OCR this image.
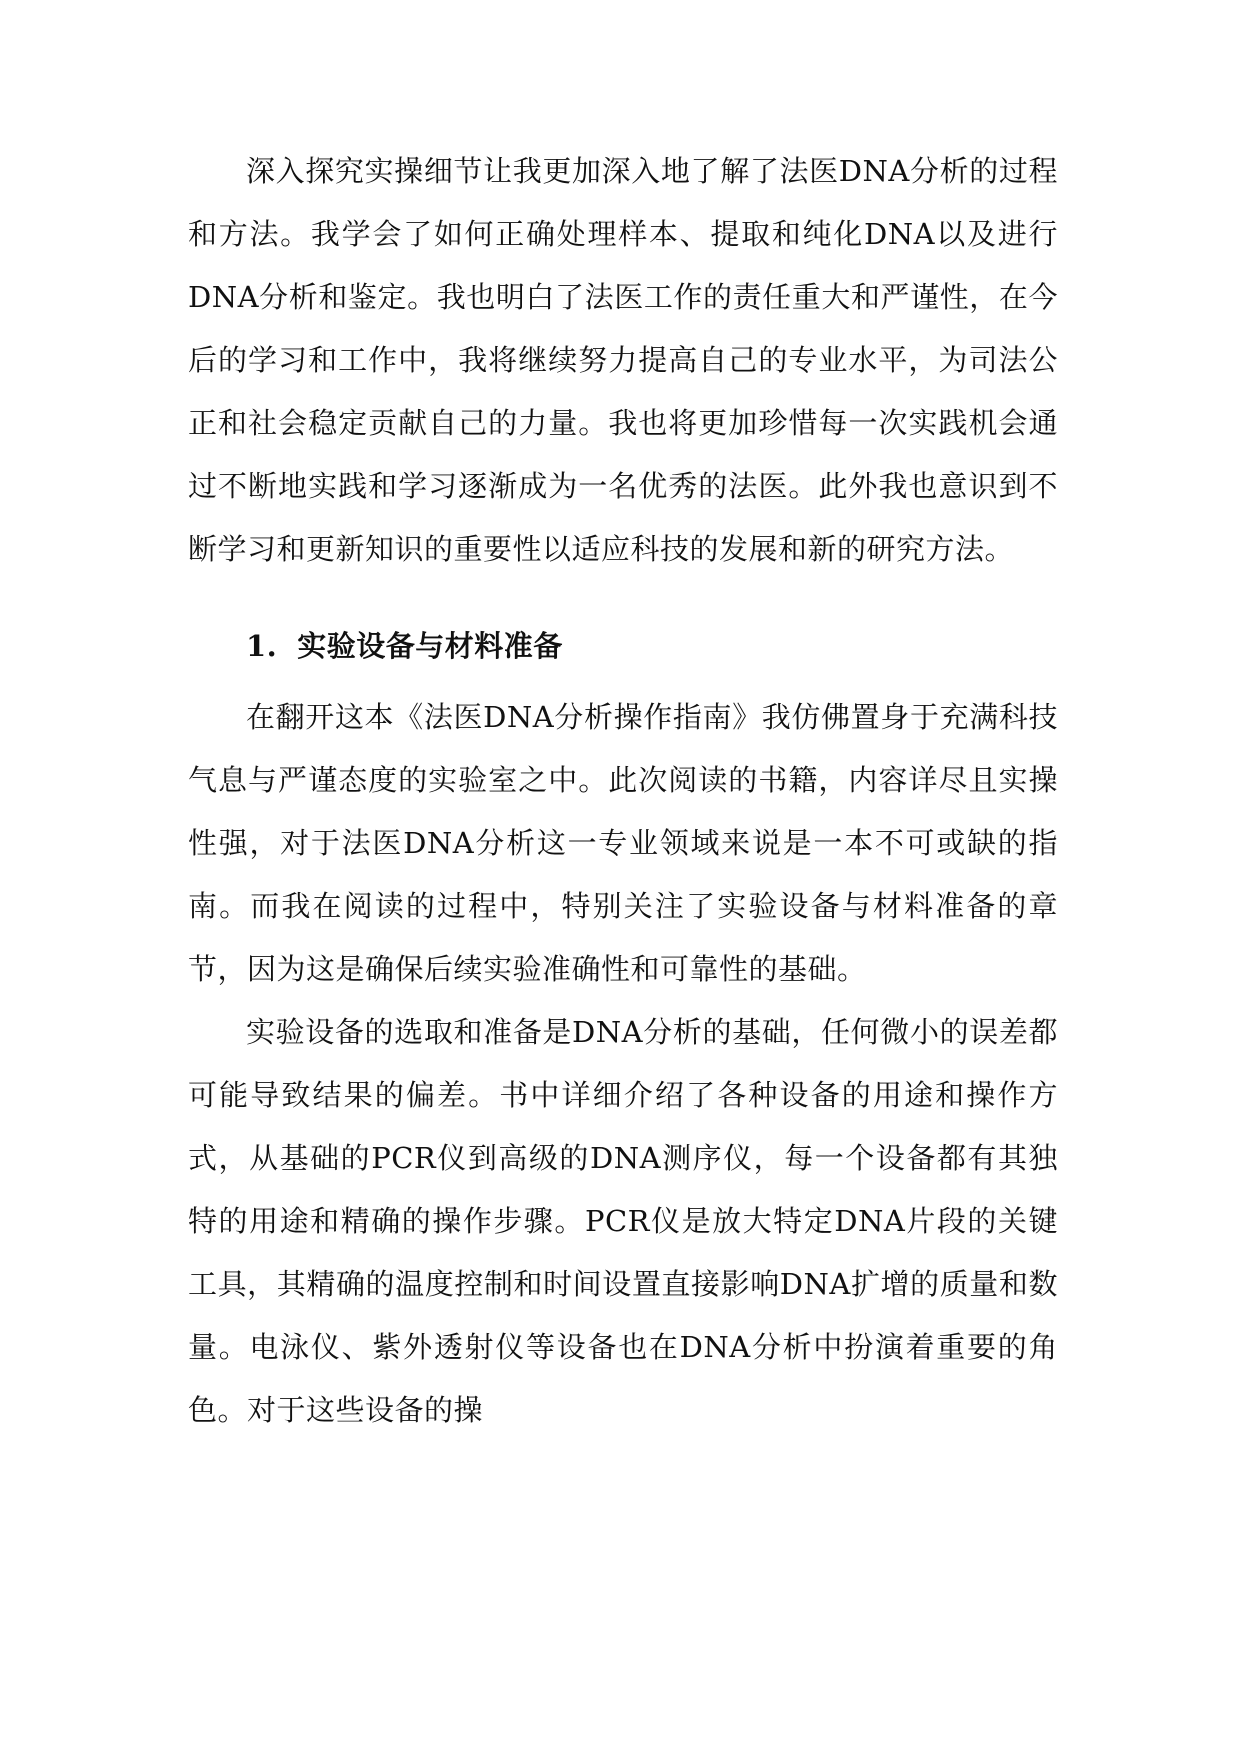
深入探究实操细节让我更加深入地了解了法医DNA分析的过程和方法。我学会了如何正确处理样本、提取和纯化DNA以及进行DNA分析和鉴定。我也明白了法医工作的责任重大和严谨性，在今后的学习和工作中，我将继续努力提高自己的专业水平，为司法公正和社会稳定贡献自己的力量。我也将更加珍惜每一次实践机会通过不断地实践和学习逐渐成为一名优秀的法医。此外我也意识到不断学习和更新知识的重要性以适应科技的发展和新的研究方法。

1. 实验设备与材料准备

在翻开这本《法医DNA分析操作指南》我仿佛置身于充满科技气息与严谨态度的实验室之中。此次阅读的书籍，内容详尽且实操性强，对于法医DNA分析这一专业领域来说是一本不可或缺的指南。而我在阅读的过程中，特别关注了实验设备与材料准备的章节，因为这是确保后续实验准确性和可靠性的基础。

实验设备的选取和准备是DNA分析的基础，任何微小的误差都可能导致结果的偏差。书中详细介绍了各种设备的用途和操作方式，从基础的PCR仪到高级的DNA测序仪，每一个设备都有其独特的用途和精确的操作步骤。PCR仪是放大特定DNA片段的关键工具，其精确的温度控制和时间设置直接影响DNA扩增的质量和数量。电泳仪、紫外透射仪等设备也在DNA分析中扮演着重要的角色。对于这些设备的操
